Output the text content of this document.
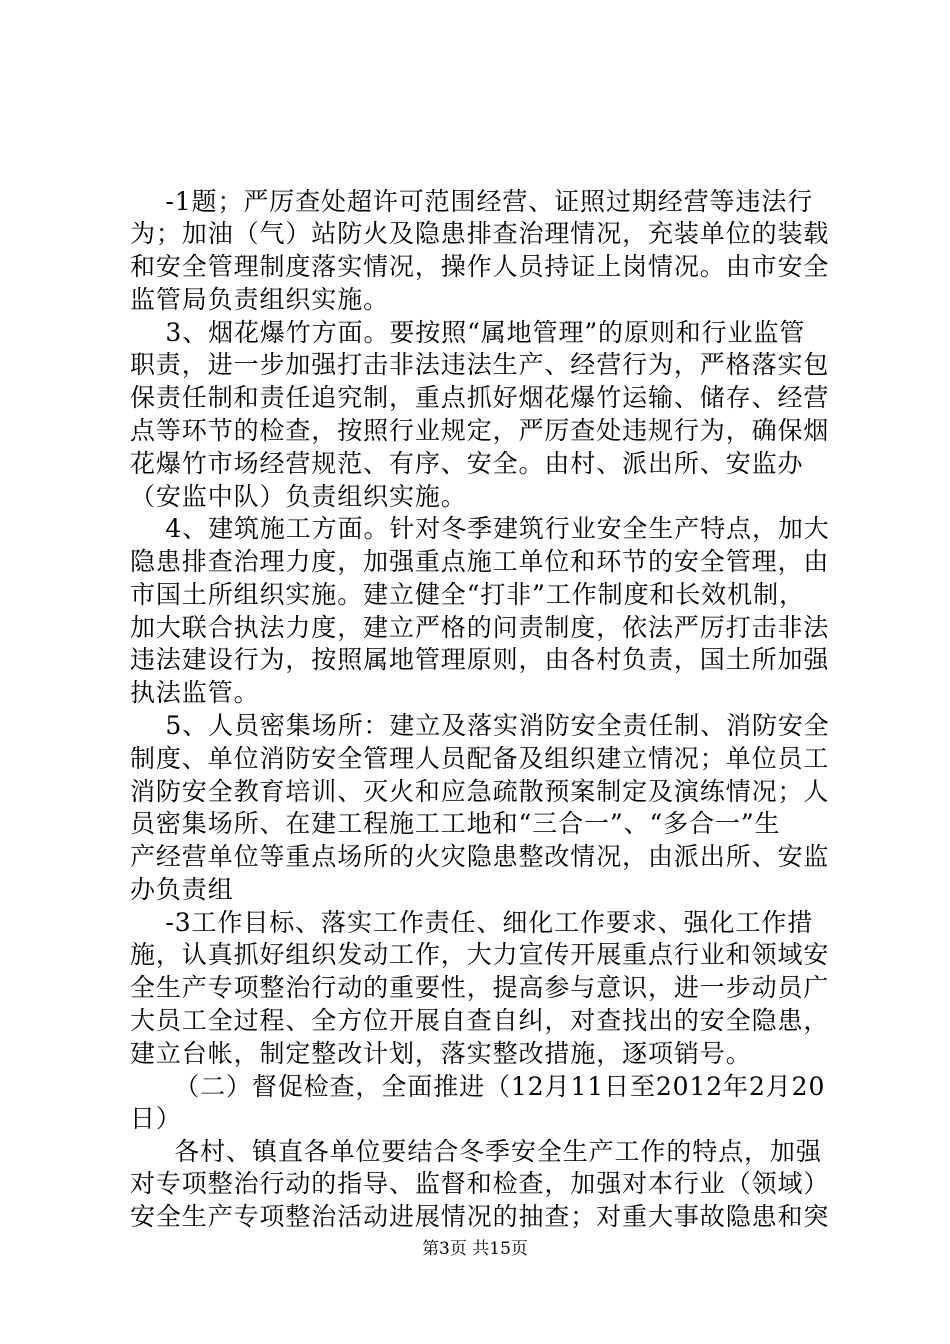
-1题；严厉查处超许可范围经营、证照过期经营等违法行
为；加油（气）站防火及隐患排查治理情况，充装单位的装载
和安全管理制度落实情况，操作人员持证上岗情况。由市安全
监管局负责组织实施。
3、烟花爆竹方面。要按照“属地管理”的原则和行业监管
职责，进一步加强打击非法违法生产、经营行为，严格落实包
保责任制和责任追究制，重点抓好烟花爆竹运输、储存、经营
点等环节的检查，按照行业规定，严厉查处违规行为，确保烟
花爆竹市场经营规范、有序、安全。由村、派出所、安监办
（安监中队）负责组织实施。
4、建筑施工方面。针对冬季建筑行业安全生产特点，加大
隐患排查治理力度，加强重点施工单位和环节的安全管理，由
市国土所组织实施。建立健全“打非”工作制度和长效机制，
加大联合执法力度，建立严格的问责制度，依法严厉打击非法
违法建设行为，按照属地管理原则，由各村负责，国土所加强
执法监管。
5、人员密集场所：建立及落实消防安全责任制、消防安全
制度、单位消防安全管理人员配备及组织建立情况；单位员工
消防安全教育培训、灭火和应急疏散预案制定及演练情况；人
员密集场所、在建工程施工工地和“三合一”、“多合一”生
产经营单位等重点场所的火灾隐患整改情况，由派出所、安监
办负责组
-3工作目标、落实工作责任、细化工作要求、强化工作措
施，认真抓好组织发动工作，大力宣传开展重点行业和领域安
全生产专项整治行动的重要性，提高参与意识，进一步动员广
大员工全过程、全方位开展自查自纠，对查找出的安全隐患，
建立台帐，制定整改计划，落实整改措施，逐项销号。
（二）督促检查，全面推进（12月11日至2012年2月20
日）
各村、镇直各单位要结合冬季安全生产工作的特点，加强
对专项整治行动的指导、监督和检查，加强对本行业（领域）
安全生产专项整治活动进展情况的抽查；对重大事故隐患和突
第3页 共15页
